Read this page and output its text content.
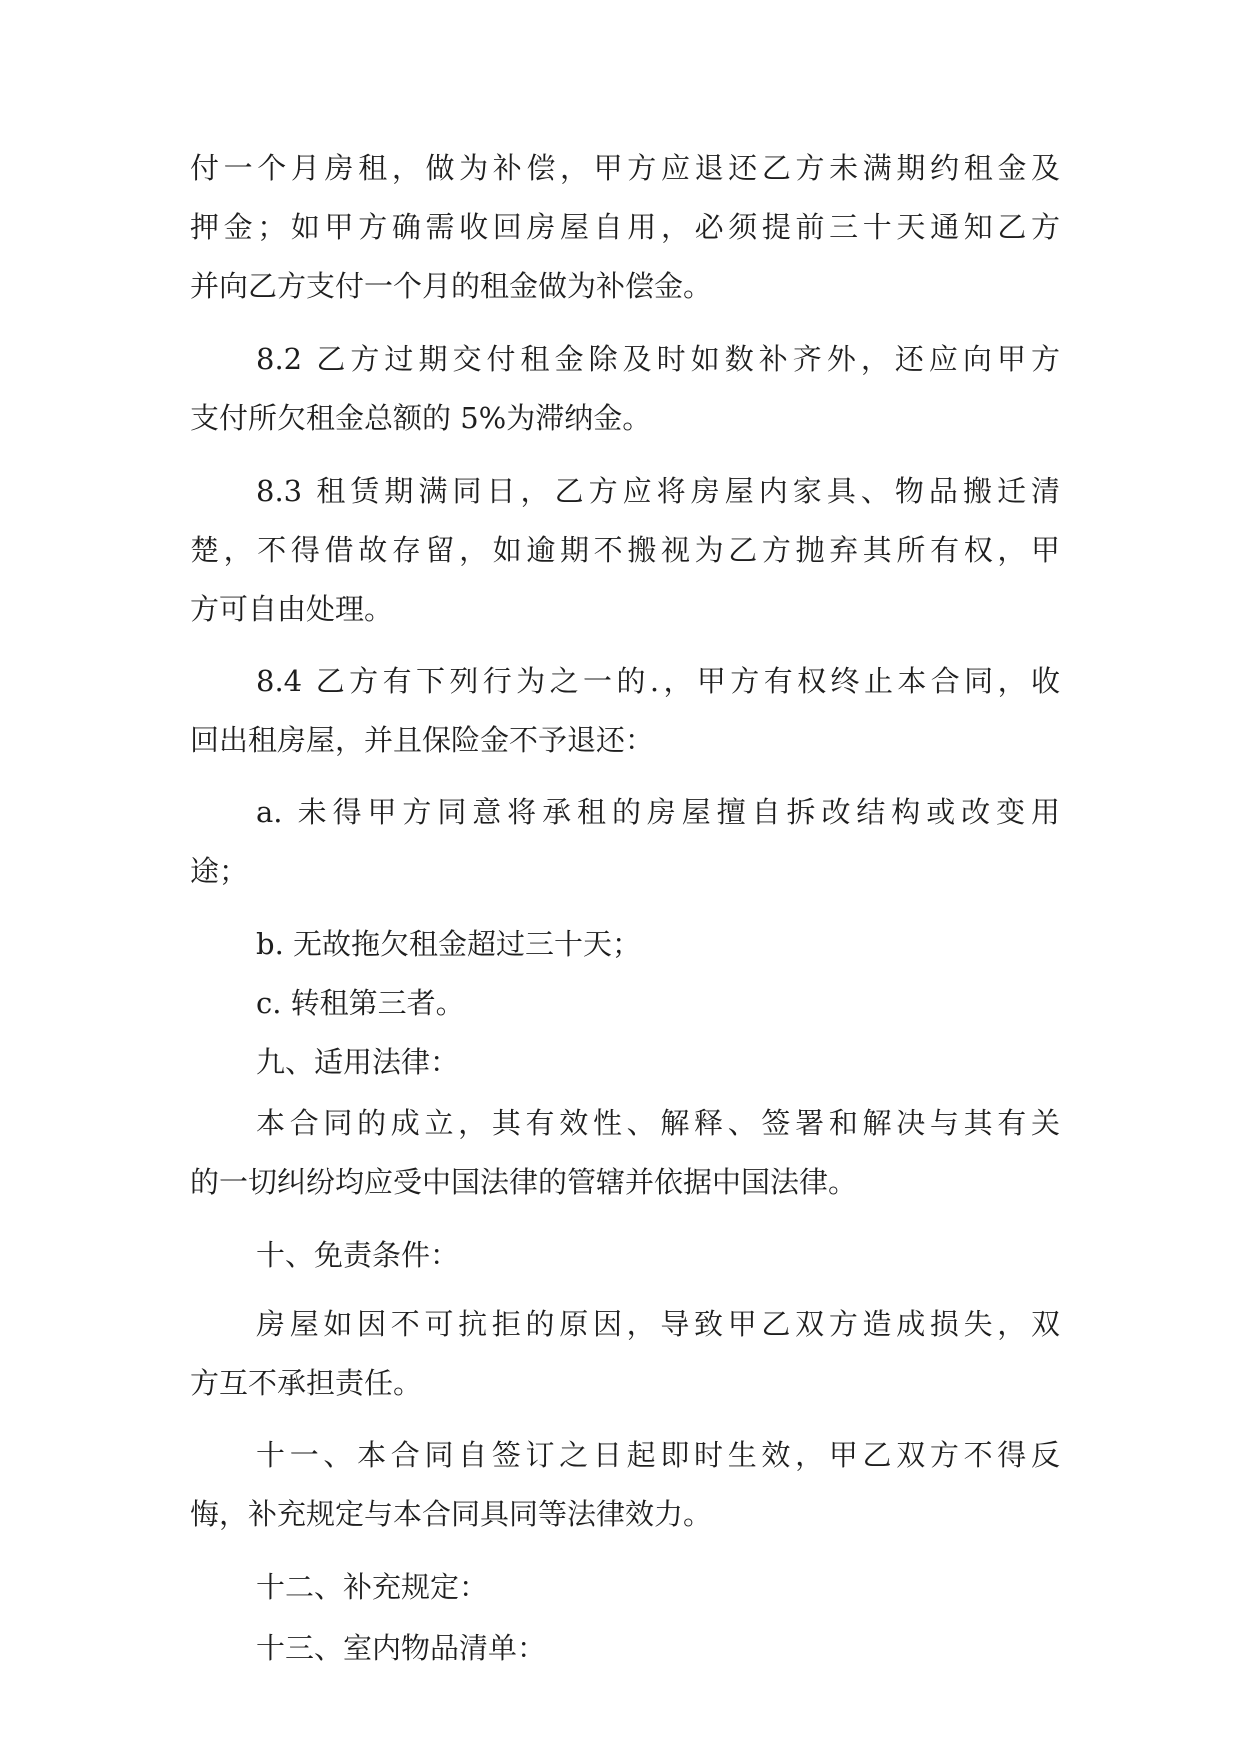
付一个月房租，做为补偿，甲方应退还乙方未满期约租金及
押金；如甲方确需收回房屋自用，必须提前三十天通知乙方
并向乙方支付一个月的租金做为补偿金。
8.2 乙方过期交付租金除及时如数补齐外，还应向甲方
支付所欠租金总额的 5%为滞纳金。
8.3 租赁期满同日，乙方应将房屋内家具、物品搬迁清
楚，不得借故存留，如逾期不搬视为乙方抛弃其所有权，甲
方可自由处理。
8.4 乙方有下列行为之一的.，甲方有权终止本合同，收
回出租房屋，并且保险金不予退还：
a. 未得甲方同意将承租的房屋擅自拆改结构或改变用
途；
b. 无故拖欠租金超过三十天；
c. 转租第三者。
九、适用法律：
本合同的成立，其有效性、解释、签署和解决与其有关
的一切纠纷均应受中国法律的管辖并依据中国法律。
十、免责条件：
房屋如因不可抗拒的原因，导致甲乙双方造成损失，双
方互不承担责任。
十一、本合同自签订之日起即时生效，甲乙双方不得反
悔，补充规定与本合同具同等法律效力。
十二、补充规定：
十三、室内物品清单：
